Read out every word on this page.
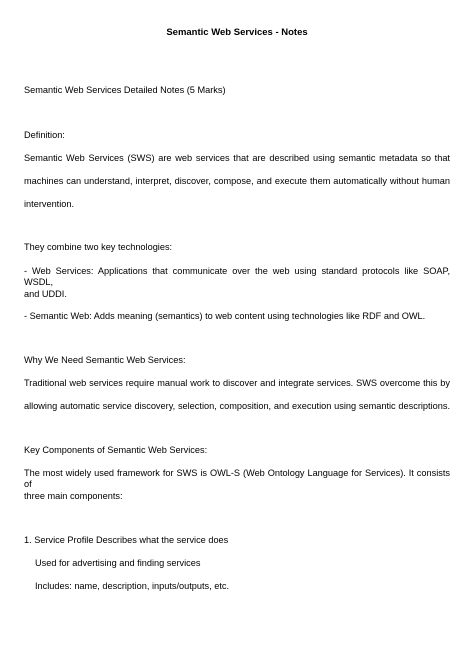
Semantic Web Services - Notes
Semantic Web Services Detailed Notes (5 Marks)
Definition:
Semantic Web Services (SWS) are web services that are described using semantic metadata so that
machines can understand, interpret, discover, compose, and execute them automatically without human
intervention.
They combine two key technologies:
- Web Services: Applications that communicate over the web using standard protocols like SOAP, WSDL,
and UDDI.
- Semantic Web: Adds meaning (semantics) to web content using technologies like RDF and OWL.
Why We Need Semantic Web Services:
Traditional web services require manual work to discover and integrate services. SWS overcome this by
allowing automatic service discovery, selection, composition, and execution using semantic descriptions.
Key Components of Semantic Web Services:
The most widely used framework for SWS is OWL-S (Web Ontology Language for Services). It consists of
three main components:
1. Service Profile Describes what the service does
Used for advertising and finding services
Includes: name, description, inputs/outputs, etc.
